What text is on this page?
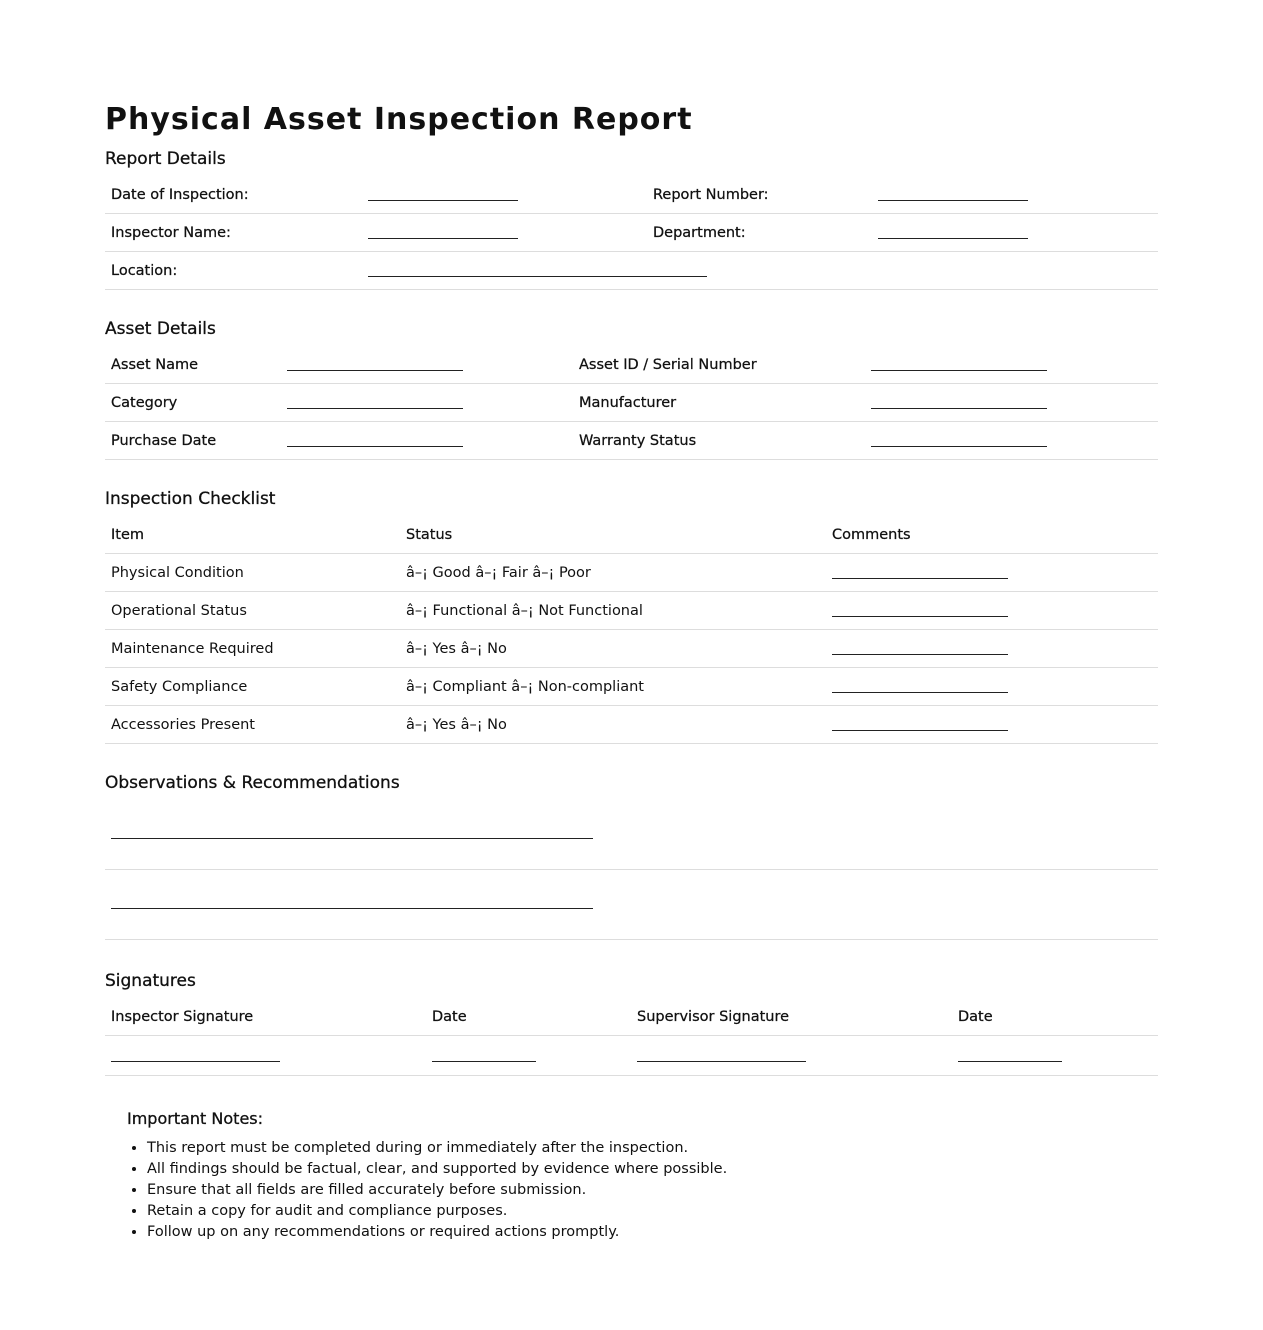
Physical Asset Inspection Report
Report Details
Date of Inspection:		Report Number:	
Inspector Name:		Department:	
Location:			
Asset Details
Asset Name		Asset ID / Serial Number	
Category		Manufacturer	
Purchase Date		Warranty Status	
Inspection Checklist
Item	Status	Comments
Physical Condition	â–¡ Good â–¡ Fair â–¡ Poor	
Operational Status	â–¡ Functional â–¡ Not Functional	
Maintenance Required	â–¡ Yes â–¡ No	
Safety Compliance	â–¡ Compliant â–¡ Non-compliant	
Accessories Present	â–¡ Yes â–¡ No	
Observations & Recommendations
Signatures
Inspector Signature	Date	Supervisor Signature	Date

Important Notes:
• This report must be completed during or immediately after the inspection.
• All findings should be factual, clear, and supported by evidence where possible.
• Ensure that all fields are filled accurately before submission.
• Retain a copy for audit and compliance purposes.
• Follow up on any recommendations or required actions promptly.
